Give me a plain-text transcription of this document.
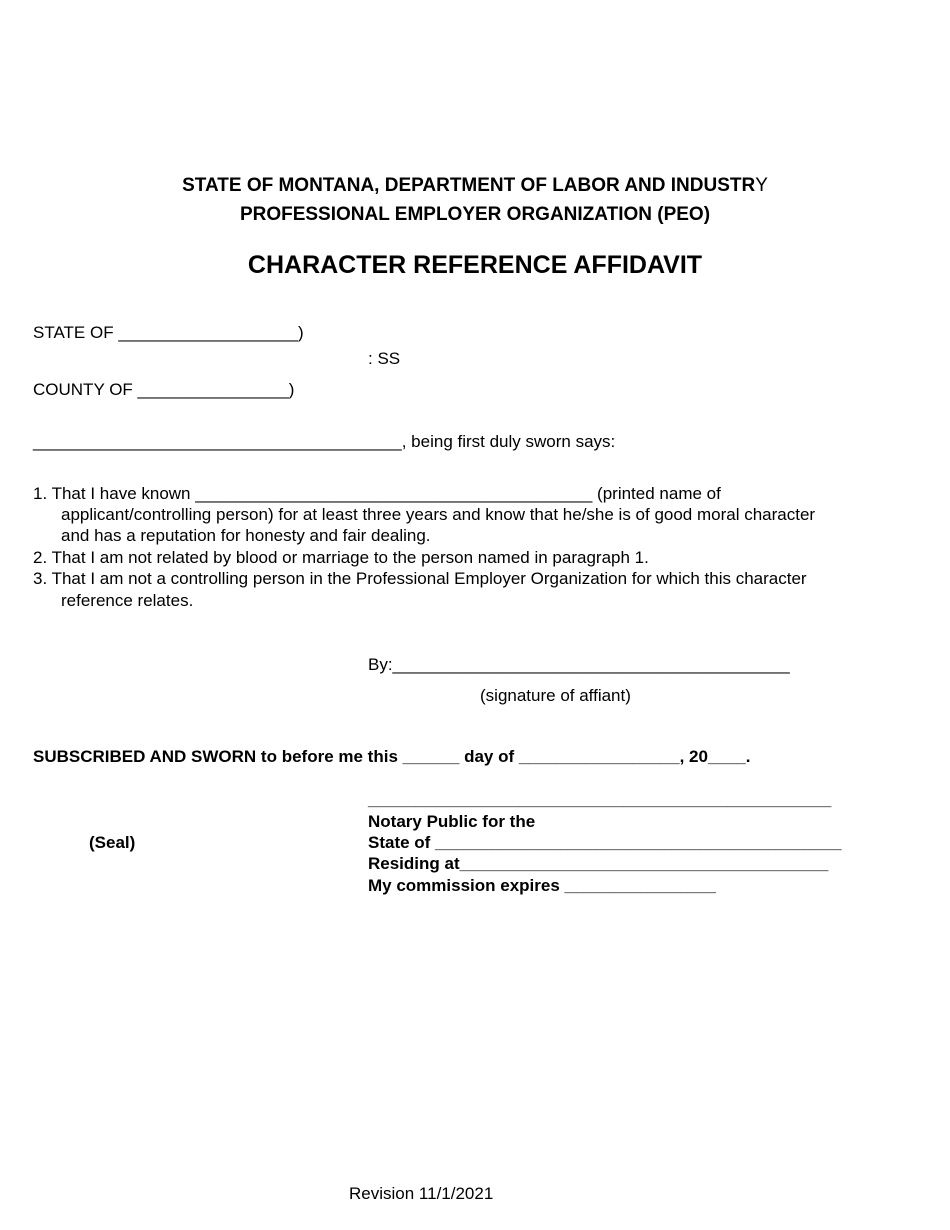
STATE OF MONTANA, DEPARTMENT OF LABOR AND INDUSTRY
PROFESSIONAL EMPLOYER ORGANIZATION (PEO)
CHARACTER REFERENCE AFFIDAVIT
STATE OF ___________________)
: SS
COUNTY OF ________________)
_______________________________________, being first duly sworn says:
1. That I have known __________________________________________ (printed name of
applicant/controlling person) for at least three years and know that he/she is of good moral character
and has a reputation for honesty and fair dealing.
2. That I am not related by blood or marriage to the person named in paragraph 1.
3. That I am not a controlling person in the Professional Employer Organization for which this character
reference relates.
By:__________________________________________
(signature of affiant)
SUBSCRIBED AND SWORN to before me this ______ day of _________________, 20____.
_________________________________________________
Notary Public for the
State of ___________________________________________
Residing at_______________________________________
My commission expires ________________
(Seal)
Revision 11/1/2021
